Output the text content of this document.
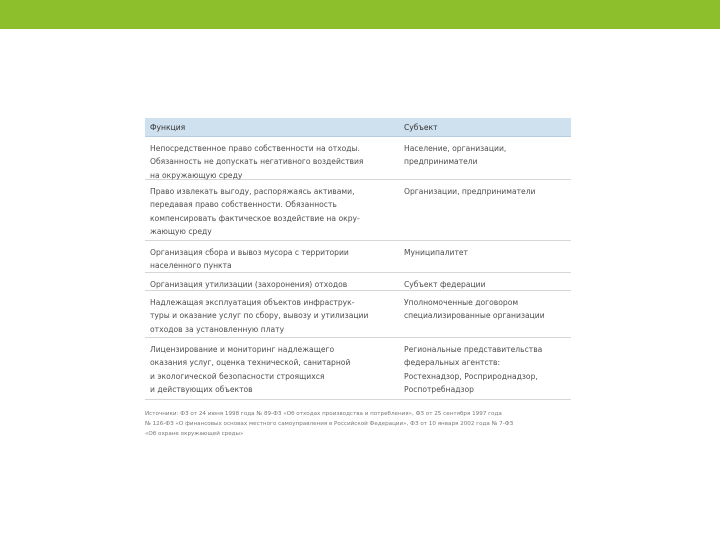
Функция	Субъект
Непосредственное право собственности на отходы.
Обязанность не допускать негативного воздействия
на окружающую среду
Население, организации,
предприниматели
Право извлекать выгоду, распоряжаясь активами,
передавая право собственности. Обязанность
компенсировать фактическое воздействие на окру-
жающую среду
Организации, предприниматели
Организация сбора и вывоз мусора с территории
населенного пункта
Муниципалитет
Организация утилизации (захоронения) отходов	Субъект федерации
Надлежащая эксплуатация объектов инфраструк-
туры и оказание услуг по сбору, вывозу и утилизации
отходов за установленную плату
Уполномоченные договором
специализированные организации
Лицензирование и мониторинг надлежащего
оказания услуг, оценка технической, санитарной
и экологической безопасности строящихся
и действующих объектов
Региональные представительства
федеральных агентств:
Ростехнадзор, Росприроднадзор,
Роспотребнадзор
Источники: ФЗ от 24 июня 1998 года № 89-ФЗ «Об отходах производства и потребления», ФЗ от 25 сентября 1997 года
№ 126-ФЗ «О финансовых основах местного самоуправления в Российской Федерации», ФЗ от 10 января 2002 года № 7-ФЗ
«Об охране окружающей среды»
